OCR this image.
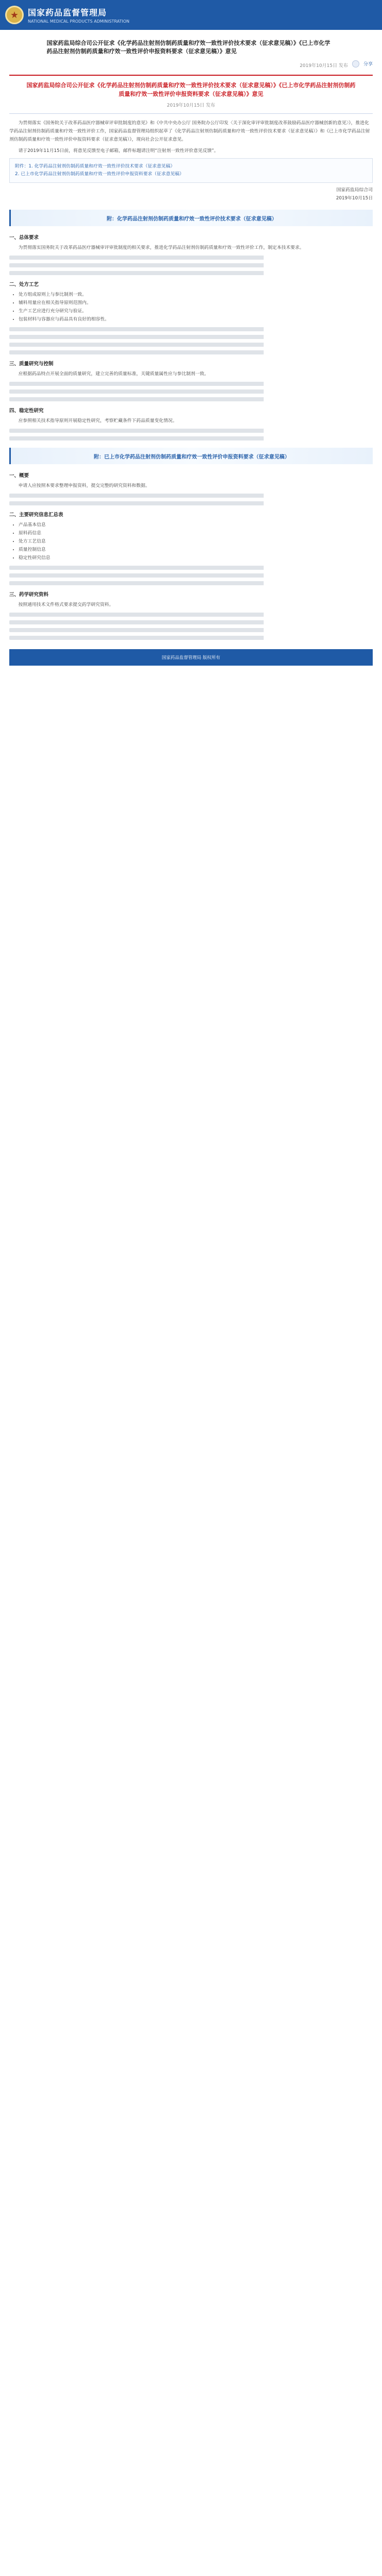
★	国家药品监督管理局
NATIONAL MEDICAL PRODUCTS ADMINISTRATION
国家药监局综合司公开征求《化学药品注射剂仿制药质量和疗效一致性评价技术要求（征求意见稿）》《已上市化学药品注射剂仿制药质量和疗效一致性评价申报资料要求（征求意见稿）》意见
2019年10月15日 发布	分享
国家药监局综合司公开征求《化学药品注射剂仿制药质量和疗效一致性评价技术要求（征求意见稿）》《已上市化学药品注射剂仿制药质量和疗效一致性评价申报资料要求（征求意见稿）》意见
2019年10月15日 发布

为贯彻落实《国务院关于改革药品医疗器械审评审批制度的意见》和《中共中央办公厅 国务院办公厅印发〈关于深化审评审批制度改革鼓励药品医疗器械创新的意见〉》，推进化学药品注射剂仿制药质量和疗效一致性评价工作，国家药品监督管理局组织起草了《化学药品注射剂仿制药质量和疗效一致性评价技术要求（征求意见稿）》和《已上市化学药品注射剂仿制药质量和疗效一致性评价申报资料要求（征求意见稿）》，现向社会公开征求意见。

请于2019年11月15日前，将意见反馈至电子邮箱，邮件标题请注明“注射剂一致性评价意见反馈”。

附件：1. 化学药品注射剂仿制药质量和疗效一致性评价技术要求（征求意见稿）
2. 已上市化学药品注射剂仿制药质量和疗效一致性评价申报资料要求（征求意见稿）
国家药监局综合司
2019年10月15日
附：化学药品注射剂仿制药质量和疗效一致性评价技术要求（征求意见稿）
一、总体要求

为贯彻落实国务院关于改革药品医疗器械审评审批制度的相关要求，推进化学药品注射剂仿制药质量和疗效一致性评价工作，制定本技术要求。

二、处方工艺
• 处方组成原则上与参比制剂一致。
• 辅料用量应在相关指导原则范围内。
• 生产工艺应进行充分研究与验证。
• 包装材料与容器应与药品具有良好的相容性。
三、质量研究与控制

应根据药品特点开展全面的质量研究，建立完善的质量标准，关键质量属性应与参比制剂一致。

四、稳定性研究

应参照相关技术指导原则开展稳定性研究，考察贮藏条件下药品质量变化情况。

附：已上市化学药品注射剂仿制药质量和疗效一致性评价申报资料要求（征求意见稿）
一、概要

申请人应按照本要求整理申报资料，提交完整的研究资料和数据。

二、主要研究信息汇总表
• 产品基本信息
• 原料药信息
• 处方工艺信息
• 质量控制信息
• 稳定性研究信息
三、药学研究资料

按照通用技术文件格式要求提交药学研究资料。

国家药品监督管理局 版权所有
